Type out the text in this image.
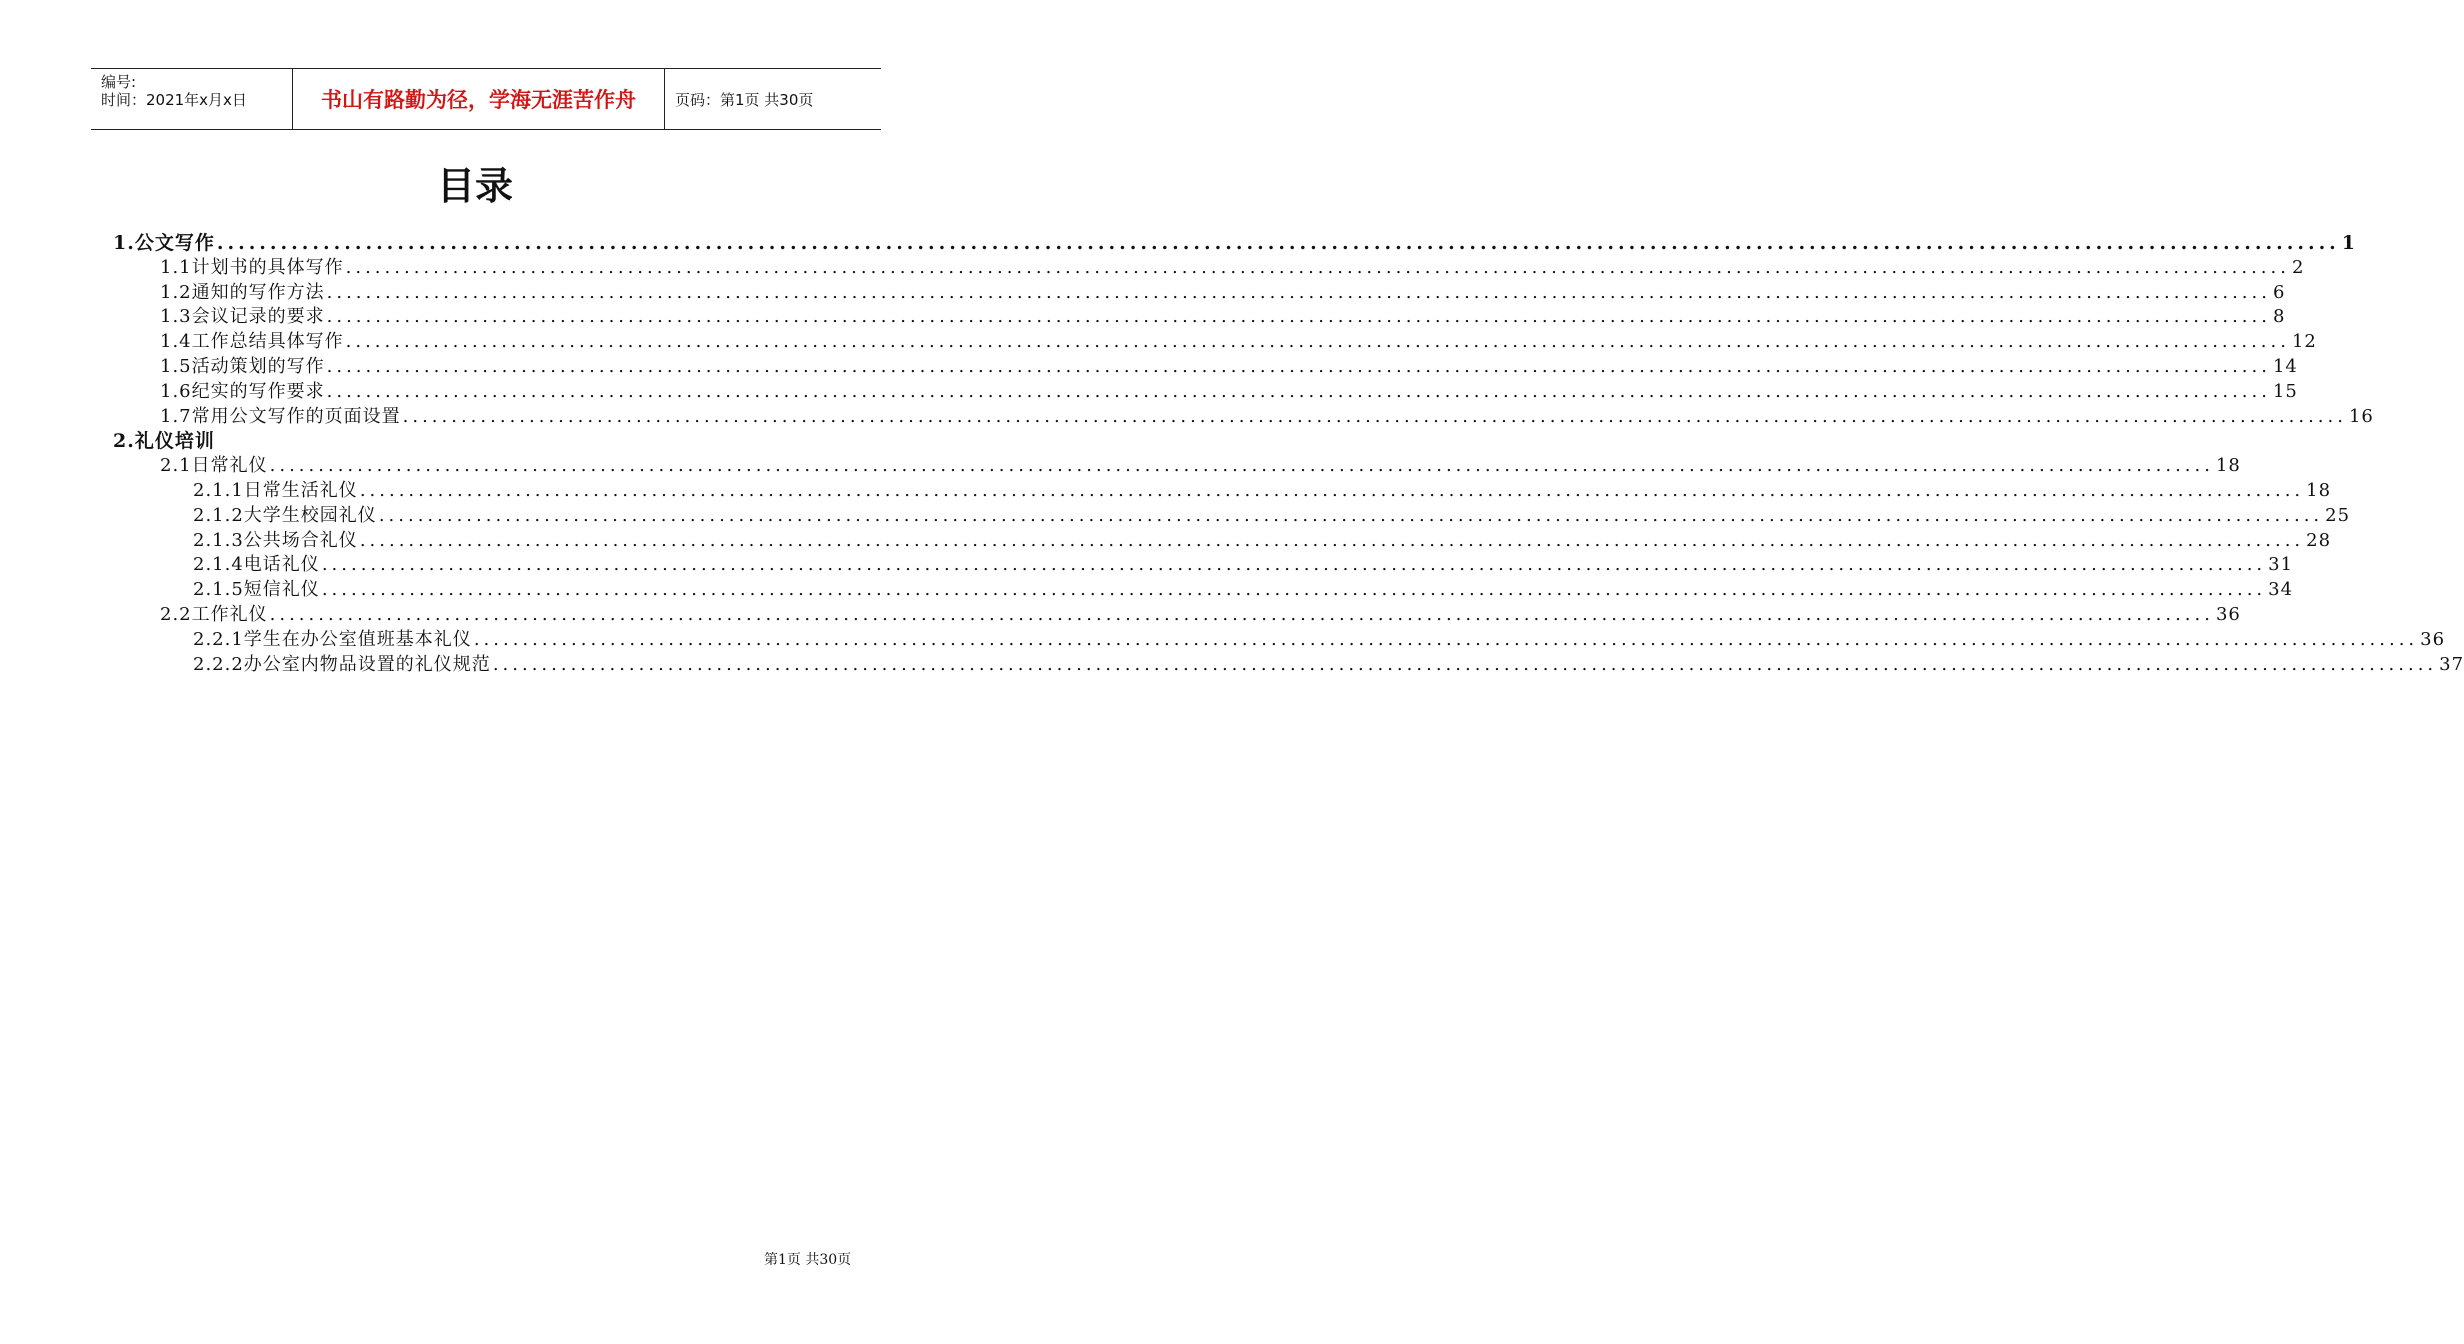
编号:
时间：2021年x月x日	书山有路勤为径，学海无涯苦作舟	页码：第1页 共30页
目录
1.公文写作 ........................................................................................................................................................................................................ 1
1.1计划书的具体写作 ........................................................................................................................................................................................................ 2
1.2通知的写作方法 ........................................................................................................................................................................................................ 6
1.3会议记录的要求 ........................................................................................................................................................................................................ 8
1.4工作总结具体写作 ........................................................................................................................................................................................................ 12
1.5活动策划的写作 ........................................................................................................................................................................................................ 14
1.6纪实的写作要求 ........................................................................................................................................................................................................ 15
1.7常用公文写作的页面设置 ........................................................................................................................................................................................................ 16
2.礼仪培训
2.1日常礼仪 ........................................................................................................................................................................................................ 18
2.1.1日常生活礼仪 ........................................................................................................................................................................................................ 18
2.1.2大学生校园礼仪 ........................................................................................................................................................................................................ 25
2.1.3公共场合礼仪 ........................................................................................................................................................................................................ 28
2.1.4电话礼仪 ........................................................................................................................................................................................................ 31
2.1.5短信礼仪 ........................................................................................................................................................................................................ 34
2.2工作礼仪 ........................................................................................................................................................................................................ 36
2.2.1学生在办公室值班基本礼仪 ........................................................................................................................................................................................................ 36
2.2.2办公室内物品设置的礼仪规范 ........................................................................................................................................................................................................ 37
第1页 共30页
